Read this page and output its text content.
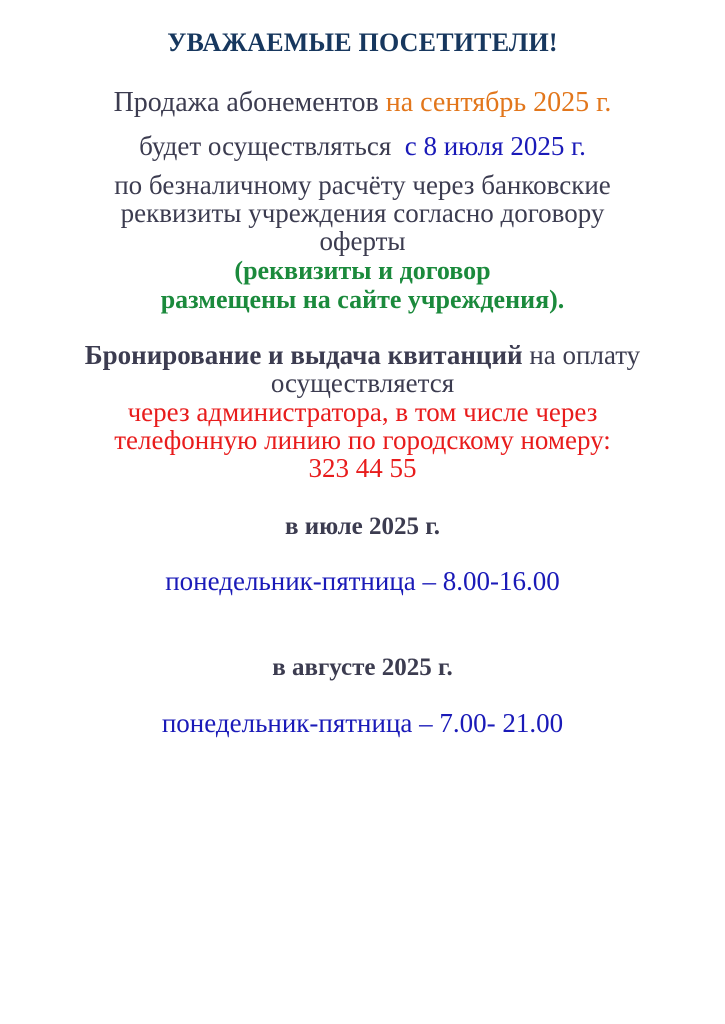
УВАЖАЕМЫЕ ПОСЕТИТЕЛИ!
Продажа абонементов на сентябрь 2025 г.
будет осуществляться  с 8 июля 2025 г.
по безналичному расчёту через банковские
реквизиты учреждения согласно договору
оферты
(реквизиты и договор
размещены на сайте учреждения).
Бронирование и выдача квитанций на оплату
осуществляется
через администратора, в том числе через
телефонную линию по городскому номеру:
323 44 55
в июле 2025 г.
понедельник-пятница – 8.00-16.00
в августе 2025 г.
понедельник-пятница – 7.00- 21.00
